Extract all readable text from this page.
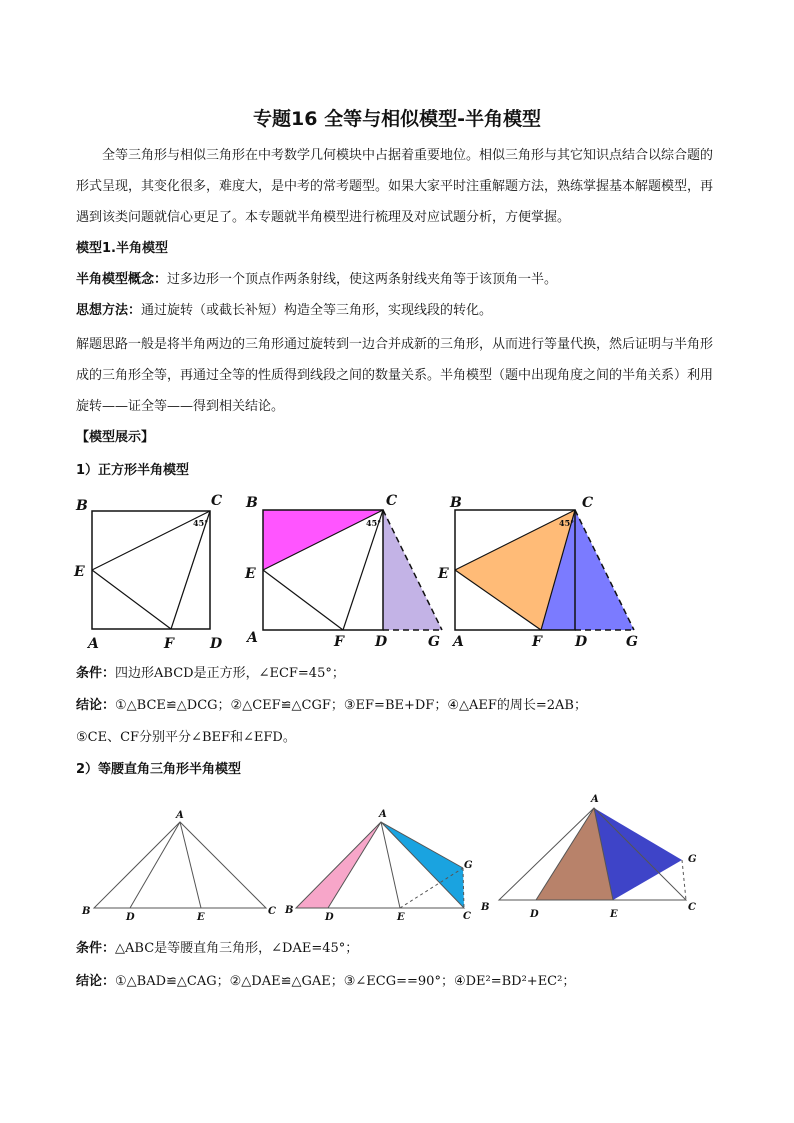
专题16 全等与相似模型-半角模型

全等三角形与相似三角形在中考数学几何模块中占据着重要地位。相似三角形与其它知识点结合以综合题的形式呈现，其变化很多，难度大，是中考的常考题型。如果大家平时注重解题方法，熟练掌握基本解题模型，再遇到该类问题就信心更足了。本专题就半角模型进行梳理及对应试题分析，方便掌握。

模型1.半角模型

半角模型概念：过多边形一个顶点作两条射线，使这两条射线夹角等于该顶角一半。

思想方法：通过旋转（或截长补短）构造全等三角形，实现线段的转化。

解题思路一般是将半角两边的三角形通过旋转到一边合并成新的三角形，从而进行等量代换，然后证明与半角形成的三角形全等，再通过全等的性质得到线段之间的数量关系。半角模型（题中出现角度之间的半角关系）利用旋转——证全等——得到相关结论。

【模型展示】

1）正方形半角模型

B	C
E
A	F	D
45°
B	C
E
A	F D	G
45°
B	C
E
A	F D	G
45°

条件：四边形ABCD是正方形，∠ECF=45°；

结论：①△BCE≌△DCG；②△CEF≌△CGF；③EF=BE+DF；④△AEF的周长=2AB；

⑤CE、CF分别平分∠BEF和∠EFD。

2）等腰直角三角形半角模型

A
B
D	E
C
A
B
D	E
G
C
A
B
D	E
G
C

条件：△ABC是等腰直角三角形，∠DAE=45°；

结论：①△BAD≌△CAG；②△DAE≌△GAE；③∠ECG==90°；④DE²=BD²+EC²；
